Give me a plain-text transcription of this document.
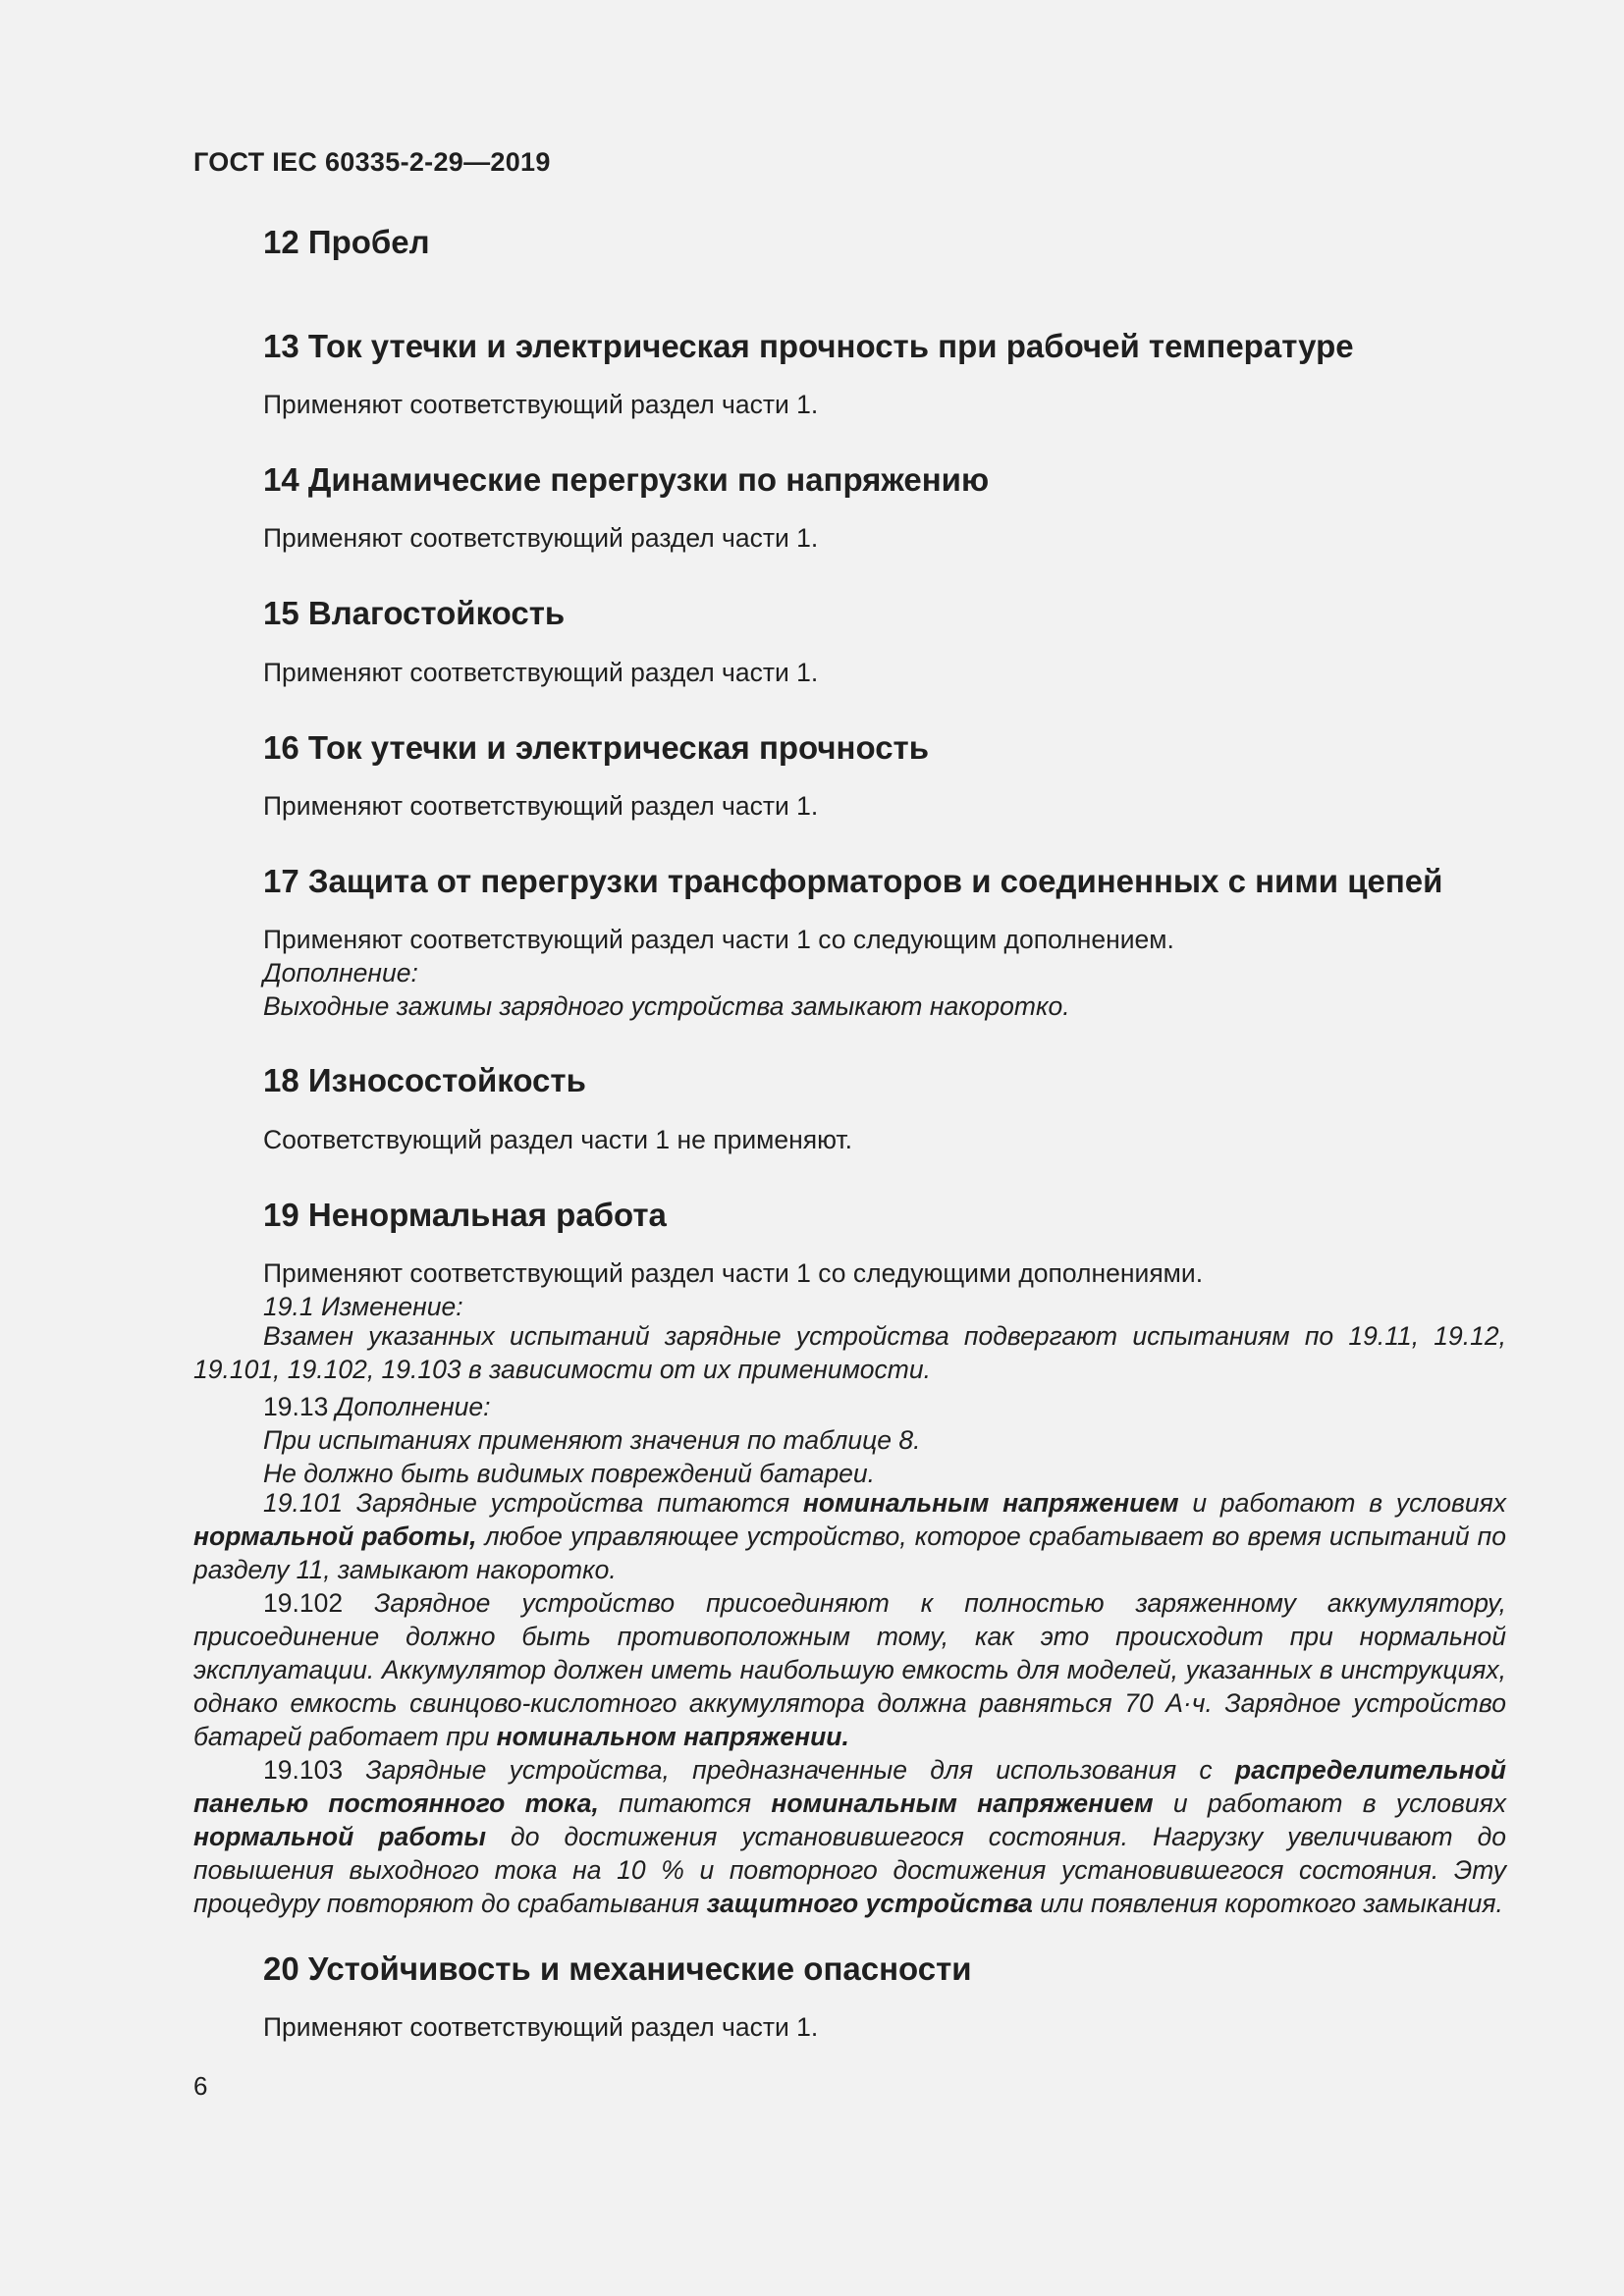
ГОСТ IEC 60335-2-29—2019

12 Пробел
13 Ток утечки и электрическая прочность при рабочей температуре

Применяют соответствующий раздел части 1.

14 Динамические перегрузки по напряжению

Применяют соответствующий раздел части 1.

15 Влагостойкость

Применяют соответствующий раздел части 1.

16 Ток утечки и электрическая прочность

Применяют соответствующий раздел части 1.

17 Защита от перегрузки трансформаторов и соединенных с ними цепей

Применяют соответствующий раздел части 1 со следующим дополнением.

Дополнение:

Выходные зажимы зарядного устройства замыкают накоротко.

18 Износостойкость

Соответствующий раздел части 1 не применяют.

19 Ненормальная работа

Применяют соответствующий раздел части 1 со следующими дополнениями.

19.1 Изменение:

Взамен указанных испытаний зарядные устройства подвергают испытаниям по 19.11, 19.12, 19.101, 19.102, 19.103 в зависимости от их применимости.

19.13 Дополнение:

При испытаниях применяют значения по таблице 8.

Не должно быть видимых повреждений батареи.

19.101 Зарядные устройства питаются номинальным напряжением и работают в условиях нормальной работы, любое управляющее устройство, которое срабатывает во время испытаний по разделу 11, замыкают накоротко.

19.102 Зарядное устройство присоединяют к полностью заряженному аккумулятору, присоединение должно быть противоположным тому, как это происходит при нормальной эксплуатации. Аккумулятор должен иметь наибольшую емкость для моделей, указанных в инструкциях, однако емкость свинцово-кислотного аккумулятора должна равняться 70 А·ч. Зарядное устройство батарей работает при номинальном напряжении.

19.103 Зарядные устройства, предназначенные для использования с распределительной панелью постоянного тока, питаются номинальным напряжением и работают в условиях нормальной работы до достижения установившегося состояния. Нагрузку увеличивают до повышения выходного тока на 10 % и повторного достижения установившегося состояния. Эту процедуру повторяют до срабатывания защитного устройства или появления короткого замыкания.

20 Устойчивость и механические опасности

Применяют соответствующий раздел части 1.

6
